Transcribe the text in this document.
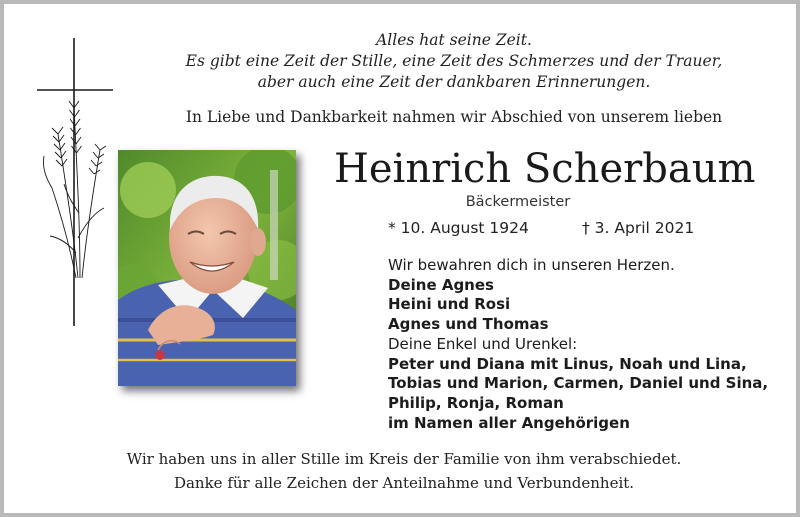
Alles hat seine Zeit.
Es gibt eine Zeit der Stille, eine Zeit des Schmerzes und der Trauer,
aber auch eine Zeit der dankbaren Erinnerungen.
In Liebe und Dankbarkeit nahmen wir Abschied von unserem lieben
Heinrich Scherbaum
Bäckermeister
* 10. August 1924	† 3. April 2021
Wir bewahren dich in unseren Herzen.
Deine Agnes
Heini und Rosi
Agnes und Thomas
Deine Enkel und Urenkel:
Peter und Diana mit Linus, Noah und Lina,
Tobias und Marion, Carmen, Daniel und Sina,
Philip, Ronja, Roman
im Namen aller Angehörigen
Wir haben uns in aller Stille im Kreis der Familie von ihm verabschiedet.
Danke für alle Zeichen der Anteilnahme und Verbundenheit.
